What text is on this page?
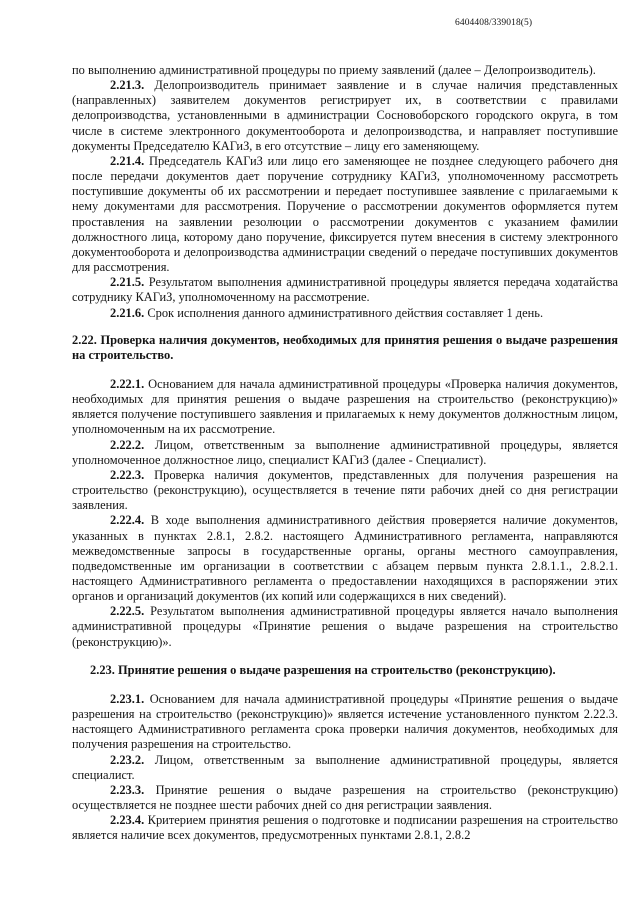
6404408/339018(5)

по выполнению административной процедуры по приему заявлений (далее – Делопроизводитель).

2.21.3. Делопроизводитель принимает заявление и в случае наличия представленных (направленных) заявителем документов регистрирует их, в соответствии с правилами делопроизводства, установленными в администрации Сосновоборского городского округа, в том числе в системе электронного документооборота и делопроизводства, и направляет поступившие документы Председателю КАГиЗ, в его отсутствие – лицу его заменяющему.

2.21.4. Председатель КАГиЗ или лицо его заменяющее не позднее следующего рабочего дня после передачи документов дает поручение сотруднику КАГиЗ, уполномоченному рассмотреть поступившие документы об их рассмотрении и передает поступившее заявление с прилагаемыми к нему документами для рассмотрения. Поручение о рассмотрении документов оформляется путем проставления на заявлении резолюции о рассмотрении документов с указанием фамилии должностного лица, которому дано поручение, фиксируется путем внесения в систему электронного документооборота и делопроизводства администрации сведений о передаче поступивших документов для рассмотрения.

2.21.5. Результатом выполнения административной процедуры является передача ходатайства сотруднику КАГиЗ, уполномоченному на рассмотрение.

2.21.6. Срок исполнения данного административного действия составляет 1 день.

2.22. Проверка наличия документов, необходимых для принятия решения о выдаче разрешения на строительство.

2.22.1. Основанием для начала административной процедуры «Проверка наличия документов, необходимых для принятия решения о выдаче разрешения на строительство (реконструкцию)» является получение поступившего заявления и прилагаемых к нему документов должностным лицом, уполномоченным на их рассмотрение.

2.22.2. Лицом, ответственным за выполнение административной процедуры, является уполномоченное должностное лицо, специалист КАГиЗ (далее - Специалист).

2.22.3. Проверка наличия документов, представленных для получения разрешения на строительство (реконструкцию), осуществляется в течение пяти рабочих дней со дня регистрации заявления.

2.22.4. В ходе выполнения административного действия проверяется наличие документов, указанных в пунктах 2.8.1, 2.8.2. настоящего Административного регламента, направляются межведомственные запросы в государственные органы, органы местного самоуправления, подведомственные им организации в соответствии с абзацем первым пункта 2.8.1.1., 2.8.2.1. настоящего Административного регламента о предоставлении находящихся в распоряжении этих органов и организаций документов (их копий или содержащихся в них сведений).

2.22.5. Результатом выполнения административной процедуры является начало выполнения административной процедуры «Принятие решения о выдаче разрешения на строительство (реконструкцию)».

2.23. Принятие решения о выдаче разрешения на строительство (реконструкцию).

2.23.1. Основанием для начала административной процедуры «Принятие решения о выдаче разрешения на строительство (реконструкцию)» является истечение установленного пунктом 2.22.3. настоящего Административного регламента срока проверки наличия документов, необходимых для получения разрешения на строительство.

2.23.2. Лицом, ответственным за выполнение административной процедуры, является специалист.

2.23.3. Принятие решения о выдаче разрешения на строительство (реконструкцию) осуществляется не позднее шести рабочих дней со дня регистрации заявления.

2.23.4. Критерием принятия решения о подготовке и подписании разрешения на строительство является наличие всех документов, предусмотренных пунктами 2.8.1, 2.8.2
